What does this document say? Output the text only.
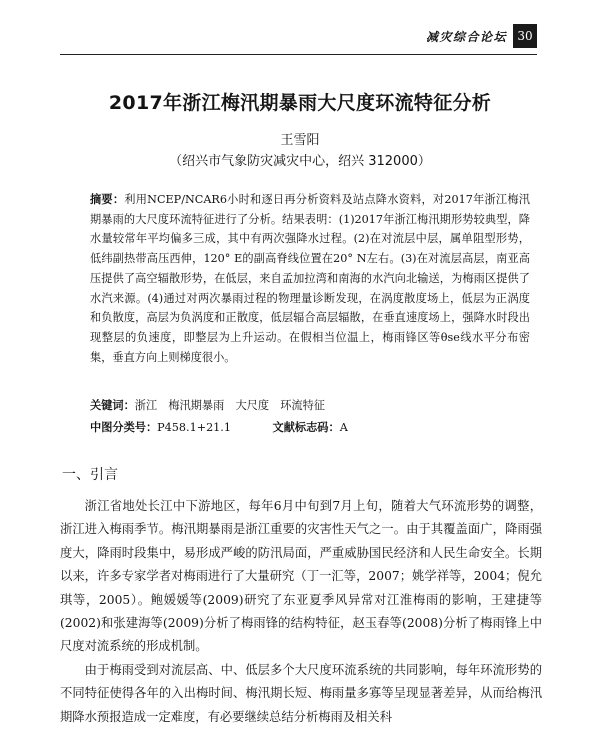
减灾综合论坛 30
2017年浙江梅汛期暴雨大尺度环流特征分析
王雪阳
（绍兴市气象防灾减灾中心，绍兴 312000）
摘要：利用NCEP/NCAR6小时和逐日再分析资料及站点降水资料，对2017年浙江梅汛期暴雨的大尺度环流特征进行了分析。结果表明：(1)2017年浙江梅汛期形势较典型，降水量较常年平均偏多三成，其中有两次强降水过程。(2)在对流层中层，属单阻型形势，低纬副热带高压西伸，120° E的副高脊线位置在20° N左右。(3)在对流层高层，南亚高压提供了高空辐散形势，在低层，来自孟加拉湾和南海的水汽向北输送，为梅雨区提供了水汽来源。(4)通过对两次暴雨过程的物理量诊断发现，在涡度散度场上，低层为正涡度和负散度，高层为负涡度和正散度，低层辐合高层辐散，在垂直速度场上，强降水时段出现整层的负速度，即整层为上升运动。在假相当位温上，梅雨锋区等θse线水平分布密集，垂直方向上则梯度很小。
关键词：浙江　梅汛期暴雨　大尺度　环流特征
中图分类号：P458.1+21.1	文献标志码：A
一、引言

浙江省地处长江中下游地区，每年6月中旬到7月上旬，随着大气环流形势的调整，浙江进入梅雨季节。梅汛期暴雨是浙江重要的灾害性天气之一。由于其覆盖面广，降雨强度大，降雨时段集中，易形成严峻的防汛局面，严重威胁国民经济和人民生命安全。长期以来，许多专家学者对梅雨进行了大量研究（丁一汇等，2007；姚学祥等，2004；倪允琪等，2005）。鲍媛媛等(2009)研究了东亚夏季风异常对江淮梅雨的影响，王建捷等(2002)和张建海等(2009)分析了梅雨锋的结构特征，赵玉春等(2008)分析了梅雨锋上中尺度对流系统的形成机制。

由于梅雨受到对流层高、中、低层多个大尺度环流系统的共同影响，每年环流形势的不同特征使得各年的入出梅时间、梅汛期长短、梅雨量多寡等呈现显著差异，从而给梅汛期降水预报造成一定难度，有必要继续总结分析梅雨及相关科
